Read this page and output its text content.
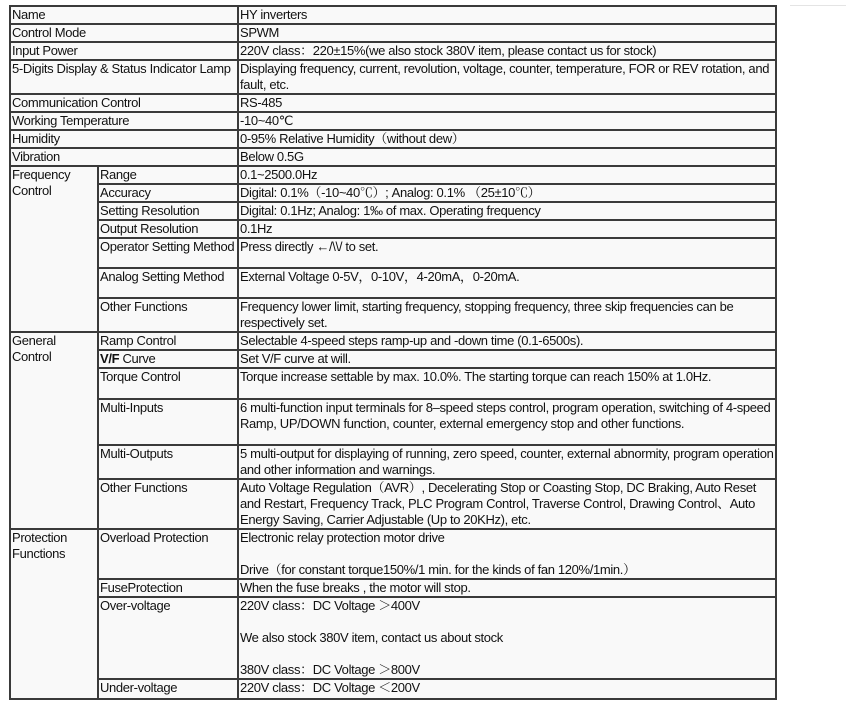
Name		HY inverters
Control Mode		SPWM
Input Power		220V class：220±15%(we also stock 380V item, please contact us for stock)
5-Digits Display & Status Indicator Lamp		Displaying frequency, current, revolution, voltage, counter, temperature, FOR or REV rotation, and fault, etc.
Communication Control		RS-485
Working Temperature		-10~40℃
Humidity		0-95% Relative Humidity（without dew）
Vibration		Below 0.5G
Frequency Control	Range	0.1~2500.0Hz
	Accuracy	Digital: 0.1%（-10~40℃）; Analog: 0.1% （25±10℃）
	Setting Resolution	Digital: 0.1Hz; Analog: 1‰ of max. Operating frequency
	Output Resolution	0.1Hz
	Operator Setting Method	Press directly ←/\\/ to set.
	Analog Setting Method	External Voltage 0-5V，0-10V，4-20mA，0-20mA.
	Other Functions	Frequency lower limit, starting frequency, stopping frequency, three skip frequencies can be respectively set.
General Control	Ramp Control	Selectable 4-speed steps ramp-up and -down time (0.1-6500s).
	V/F Curve	Set V/F curve at will.
	Torque Control	Torque increase settable by max. 10.0%. The starting torque can reach 150% at 1.0Hz.
	Multi-Inputs	6 multi-function input terminals for 8–speed steps control, program operation, switching of 4-speed Ramp, UP/DOWN function, counter, external emergency stop and other functions.
	Multi-Outputs	5 multi-output for displaying of running, zero speed, counter, external abnormity, program operation and other information and warnings.
	Other Functions	Auto Voltage Regulation（AVR）, Decelerating Stop or Coasting Stop, DC Braking, Auto Reset and Restart, Frequency Track, PLC Program Control, Traverse Control, Drawing Control、Auto Energy Saving, Carrier Adjustable (Up to 20KHz), etc.
Protection Functions	Overload Protection	Electronic relay protection motor drive

Drive（for constant torque150%/1 min. for the kinds of fan 120%/1min.）
	FuseProtection	When the fuse breaks , the motor will stop.
	Over-voltage	220V class：DC Voltage ＞400V

We also stock 380V item, contact us about stock

380V class：DC Voltage ＞800V
	Under-voltage	220V class：DC Voltage ＜200V
